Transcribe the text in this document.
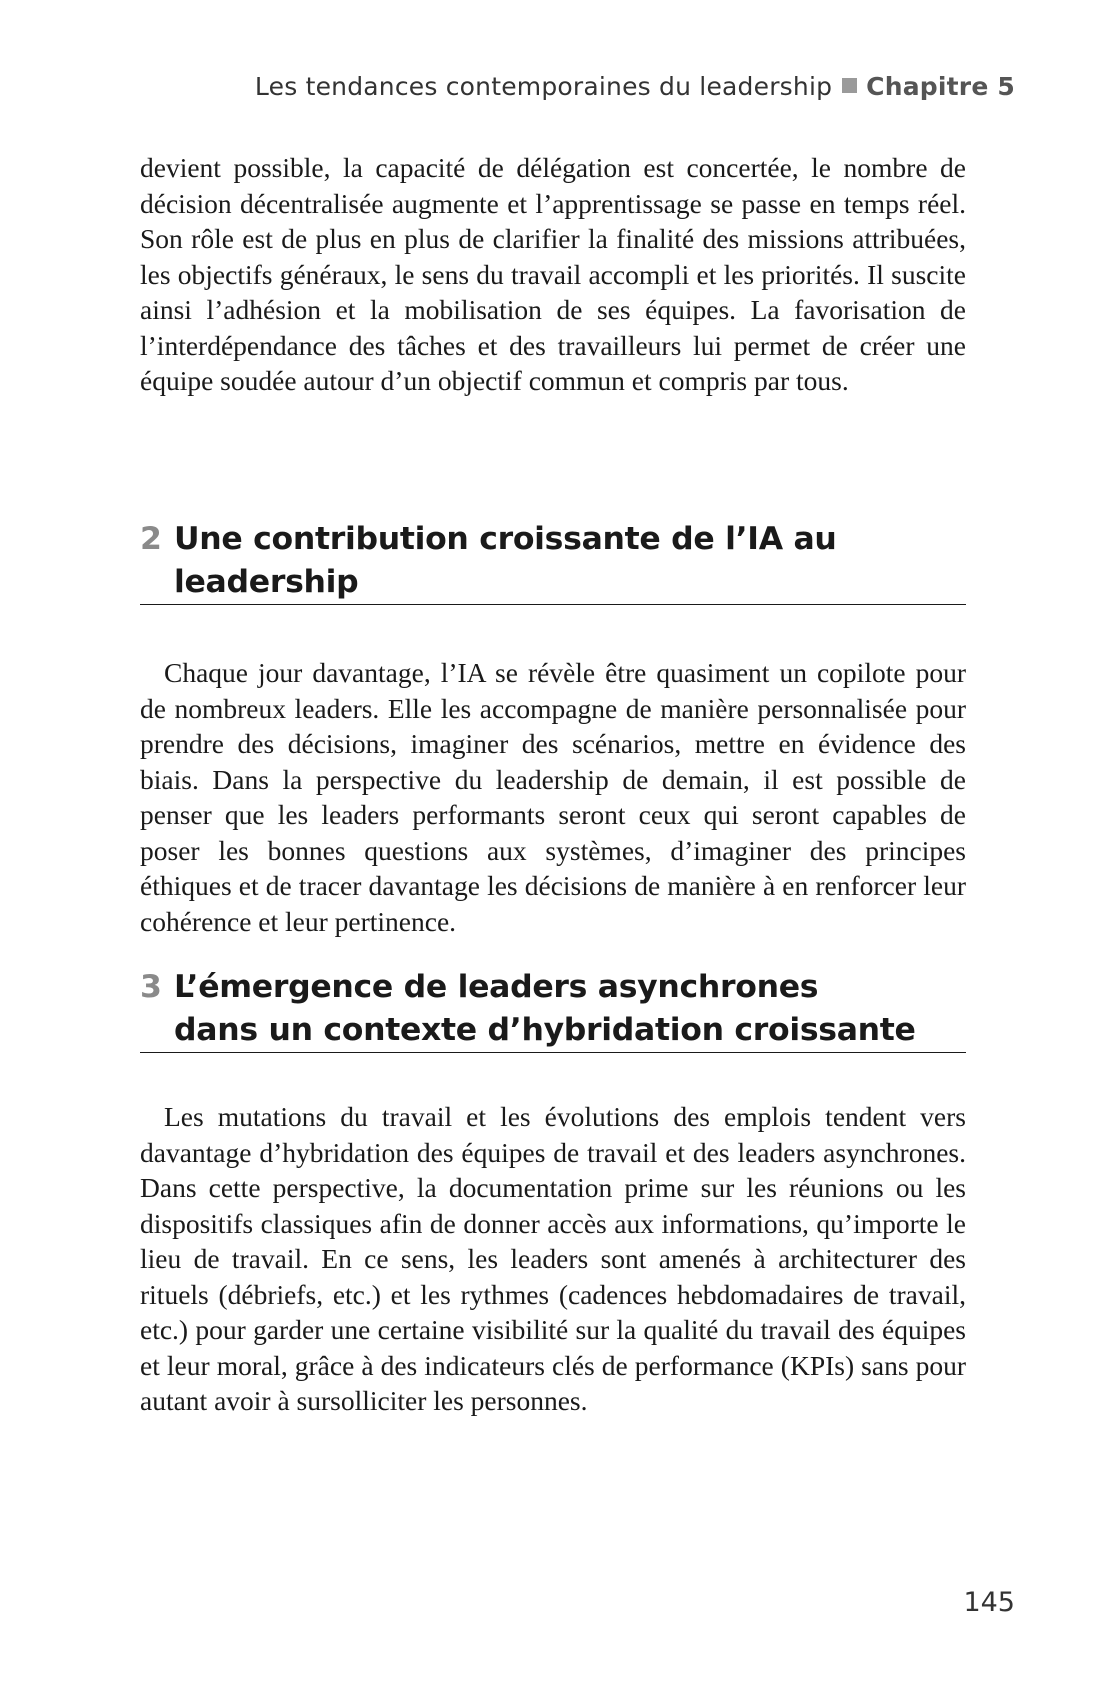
Les tendances contemporaines du leadership Chapitre 5

devient possible, la capacité de délégation est concertée, le nombre de décision décentralisée augmente et l’apprentissage se passe en temps réel. Son rôle est de plus en plus de clarifier la finalité des missions attribuées, les objectifs généraux, le sens du travail accompli et les priorités. Il suscite ainsi l’adhésion et la mobilisation de ses équipes. La favorisation de l’interdépendance des tâches et des travailleurs lui permet de créer une équipe soudée autour d’un objectif commun et compris par tous.

2 Une contribution croissante de l’IA au leadership

Chaque jour davantage, l’IA se révèle être quasiment un copilote pour de nombreux leaders. Elle les accompagne de manière personnalisée pour prendre des décisions, imaginer des scénarios, mettre en évidence des biais. Dans la perspective du leadership de demain, il est possible de penser que les leaders performants seront ceux qui seront capables de poser les bonnes questions aux systèmes, d’imaginer des principes éthiques et de tracer davantage les décisions de manière à en renforcer leur cohérence et leur pertinence.

3 L’émergence de leaders asynchrones
dans un contexte d’hybridation croissante

Les mutations du travail et les évolutions des emplois tendent vers davantage d’hybridation des équipes de travail et des leaders asynchrones. Dans cette perspective, la documentation prime sur les réunions ou les dispositifs classiques afin de donner accès aux informations, qu’importe le lieu de travail. En ce sens, les leaders sont amenés à architecturer des rituels (débriefs, etc.) et les rythmes (cadences hebdomadaires de travail, etc.) pour garder une certaine visibilité sur la qualité du travail des équipes et leur moral, grâce à des indicateurs clés de performance (KPIs) sans pour autant avoir à sursolliciter les personnes.

145
